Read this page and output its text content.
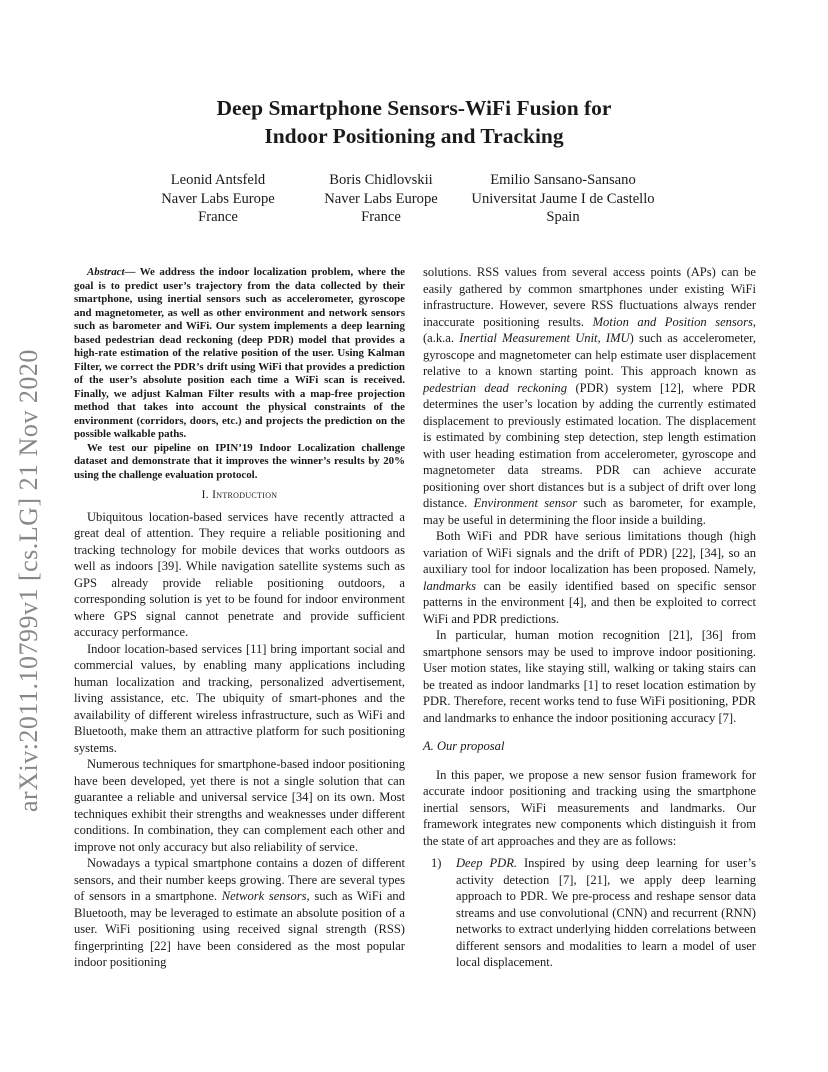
Deep Smartphone Sensors-WiFi Fusion for
Indoor Positioning and Tracking
Leonid Antsfeld
Naver Labs Europe
France
Boris Chidlovskii
Naver Labs Europe
France
Emilio Sansano-Sansano
Universitat Jaume I de Castello
Spain
arXiv:2011.10799v1 [cs.LG] 21 Nov 2020

Abstract— We address the indoor localization problem, where the goal is to predict user’s trajectory from the data collected by their smartphone, using inertial sensors such as accelerometer, gyroscope and magnetometer, as well as other environment and network sensors such as barometer and WiFi. Our system implements a deep learning based pedestrian dead reckoning (deep PDR) model that provides a high-rate estimation of the relative position of the user. Using Kalman Filter, we correct the PDR’s drift using WiFi that provides a prediction of the user’s absolute position each time a WiFi scan is received. Finally, we adjust Kalman Filter results with a map-free projection method that takes into account the physical constraints of the environment (corridors, doors, etc.) and projects the prediction on the possible walkable paths.

We test our pipeline on IPIN’19 Indoor Localization challenge dataset and demonstrate that it improves the winner’s results by 20% using the challenge evaluation protocol.

I. Introduction

Ubiquitous location-based services have recently attracted a great deal of attention. They require a reliable positioning and tracking technology for mobile devices that works outdoors as well as indoors [39]. While navigation satellite systems such as GPS already provide reliable positioning outdoors, a corresponding solution is yet to be found for indoor environment where GPS signal cannot penetrate and provide sufficient accuracy performance.

Indoor location-based services [11] bring important social and commercial values, by enabling many applications including human localization and tracking, personalized advertisement, living assistance, etc. The ubiquity of smart-phones and the availability of different wireless infrastructure, such as WiFi and Bluetooth, make them an attractive platform for such positioning systems.

Numerous techniques for smartphone-based indoor positioning have been developed, yet there is not a single solution that can guarantee a reliable and universal service [34] on its own. Most techniques exhibit their strengths and weaknesses under different conditions. In combination, they can complement each other and improve not only accuracy but also reliability of service.

Nowadays a typical smartphone contains a dozen of different sensors, and their number keeps growing. There are several types of sensors in a smartphone. Network sensors, such as WiFi and Bluetooth, may be leveraged to estimate an absolute position of a user. WiFi positioning using received signal strength (RSS) fingerprinting [22] have been considered as the most popular indoor positioning

solutions. RSS values from several access points (APs) can be easily gathered by common smartphones under existing WiFi infrastructure. However, severe RSS fluctuations always render inaccurate positioning results. Motion and Position sensors, (a.k.a. Inertial Measurement Unit, IMU) such as accelerometer, gyroscope and magnetometer can help estimate user displacement relative to a known starting point. This approach known as pedestrian dead reckoning (PDR) system [12], where PDR determines the user’s location by adding the currently estimated displacement to previously estimated location. The displacement is estimated by combining step detection, step length estimation with user heading estimation from accelerometer, gyroscope and magnetometer data streams. PDR can achieve accurate positioning over short distances but is a subject of drift over long distance. Environment sensor such as barometer, for example, may be useful in determining the floor inside a building.

Both WiFi and PDR have serious limitations though (high variation of WiFi signals and the drift of PDR) [22], [34], so an auxiliary tool for indoor localization has been proposed. Namely, landmarks can be easily identified based on specific sensor patterns in the environment [4], and then be exploited to correct WiFi and PDR predictions.

In particular, human motion recognition [21], [36] from smartphone sensors may be used to improve indoor positioning. User motion states, like staying still, walking or taking stairs can be treated as indoor landmarks [1] to reset location estimation by PDR. Therefore, recent works tend to fuse WiFi positioning, PDR and landmarks to enhance the indoor positioning accuracy [7].

A. Our proposal

In this paper, we propose a new sensor fusion framework for accurate indoor positioning and tracking using the smartphone inertial sensors, WiFi measurements and landmarks. Our framework integrates new components which distinguish it from the state of art approaches and they are as follows:

1) Deep PDR. Inspired by using deep learning for user’s activity detection [7], [21], we apply deep learning approach to PDR. We pre-process and reshape sensor data streams and use convolutional (CNN) and recurrent (RNN) networks to extract underlying hidden correlations between different sensors and modalities to learn a model of user local displacement.
